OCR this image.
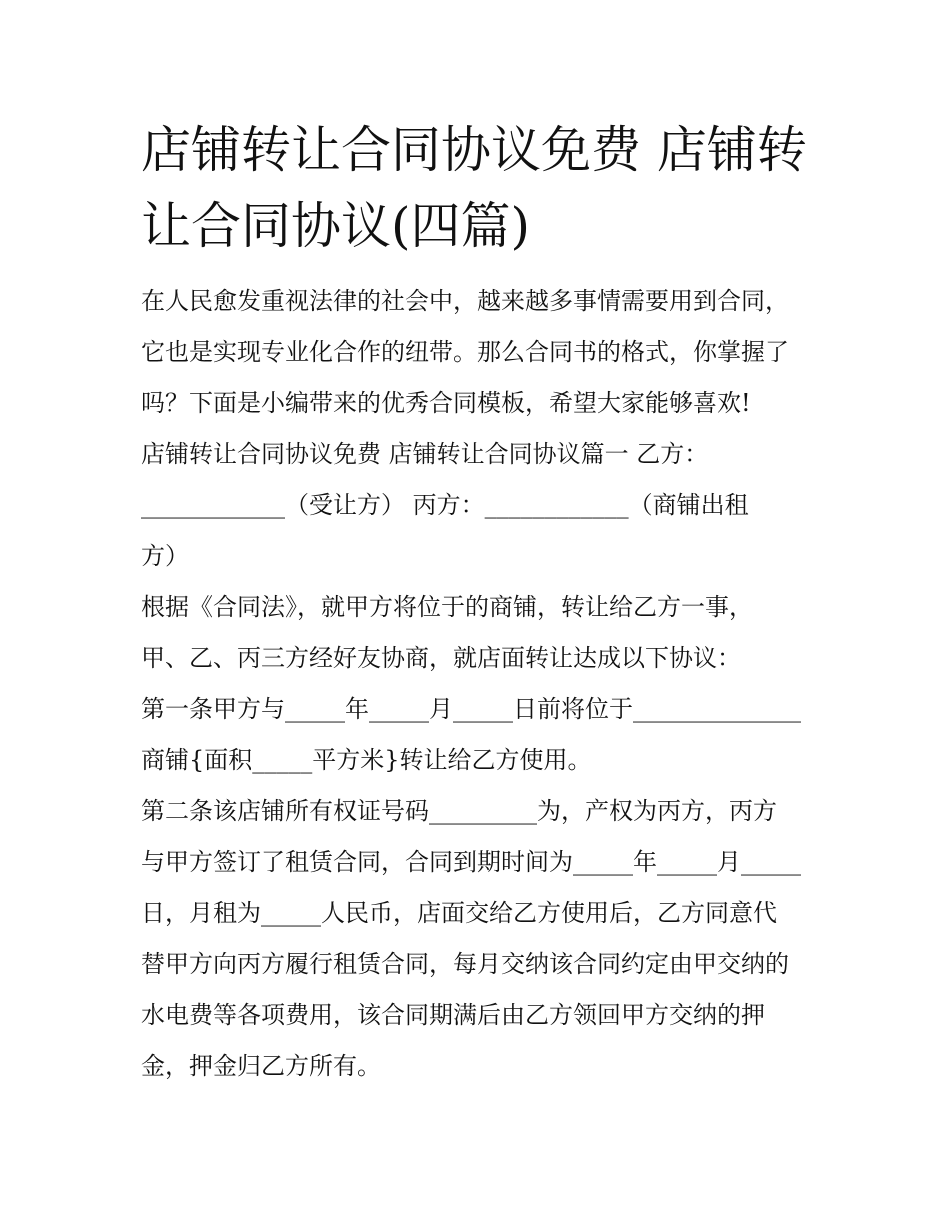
店铺转让合同协议免费 店铺转让合同协议(四篇)
在人民愈发重视法律的社会中，越来越多事情需要用到合同，
它也是实现专业化合作的纽带。那么合同书的格式，你掌握了
吗？下面是小编带来的优秀合同模板，希望大家能够喜欢!
店铺转让合同协议免费 店铺转让合同协议篇一 乙方：
____________（受让方） 丙方：____________（商铺出租
方）
根据《合同法》，就甲方将位于的商铺，转让给乙方一事，
甲、乙、丙三方经好友协商，就店面转让达成以下协议：
第一条甲方与_____年_____月_____日前将位于______________
商铺{面积_____平方米}转让给乙方使用。
第二条该店铺所有权证号码_________为，产权为丙方，丙方
与甲方签订了租赁合同，合同到期时间为_____年_____月_____
日，月租为_____人民币，店面交给乙方使用后，乙方同意代
替甲方向丙方履行租赁合同，每月交纳该合同约定由甲交纳的
水电费等各项费用，该合同期满后由乙方领回甲方交纳的押
金，押金归乙方所有。
